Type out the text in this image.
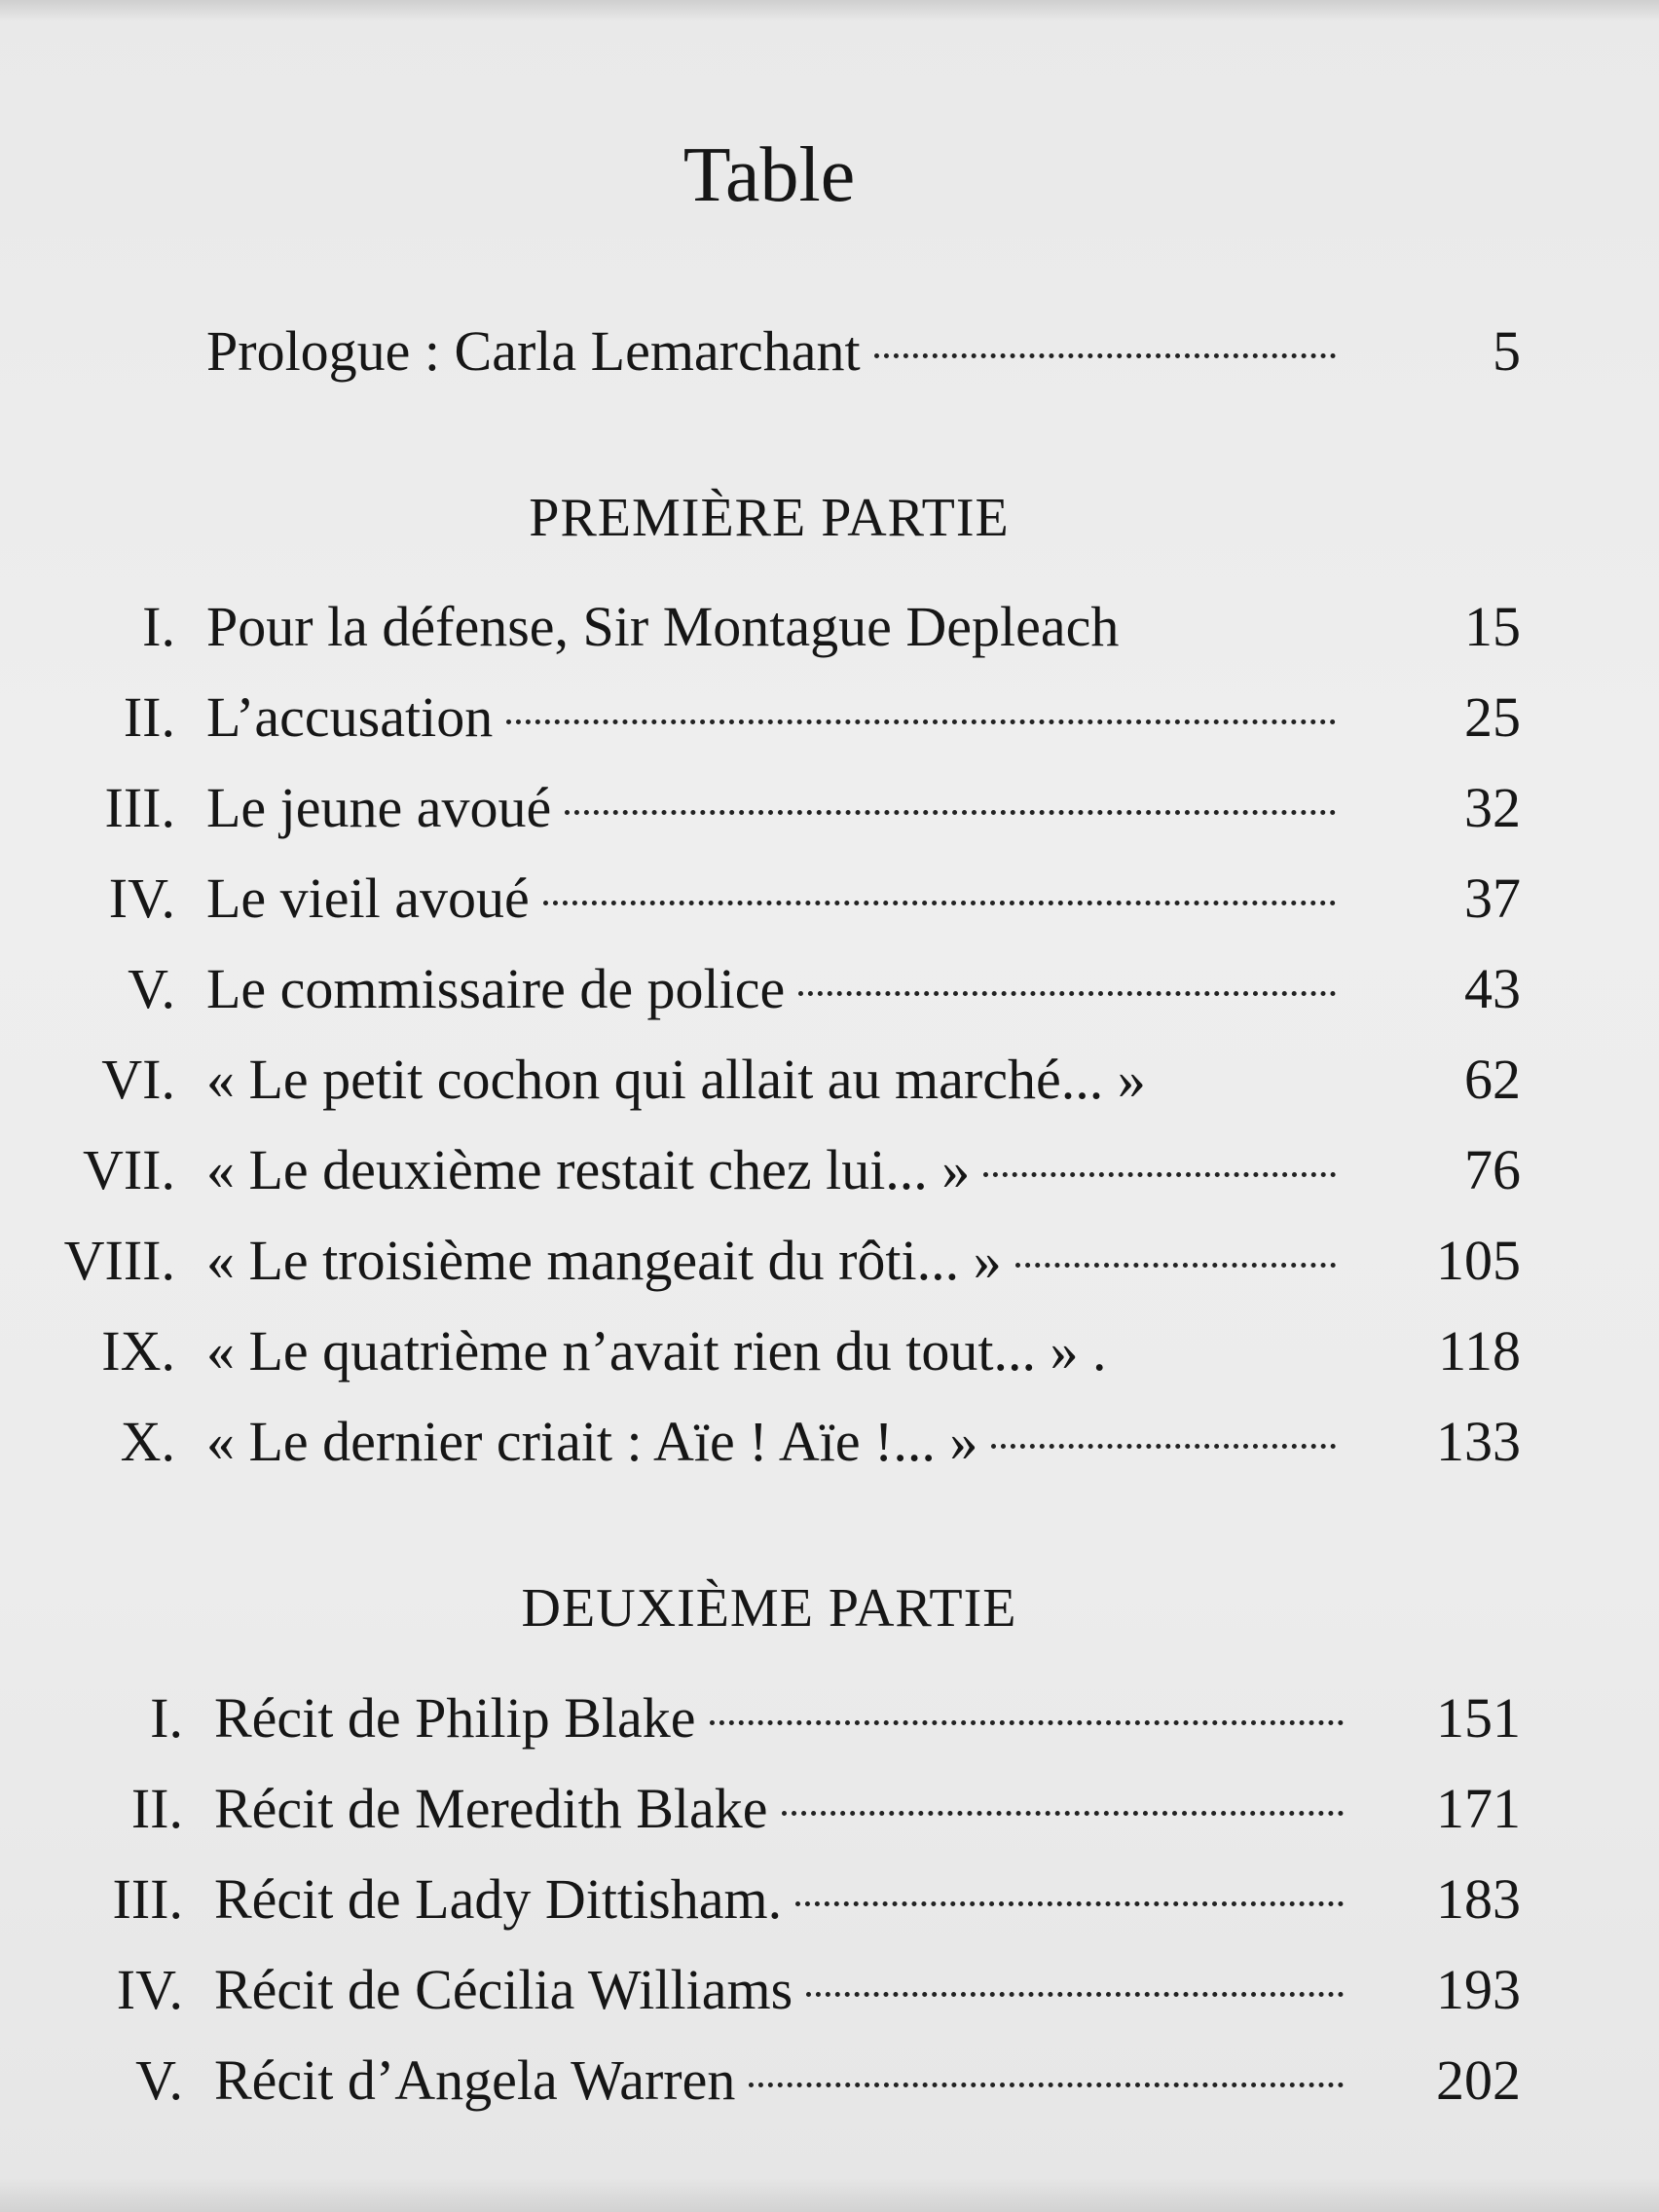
Table
Prologue : Carla Lemarchant	5
PREMIÈRE PARTIE
I. Pour la défense, Sir Montague Depleach	15
II. L’accusation	25
III. Le jeune avoué	32
IV. Le vieil avoué	37
V. Le commissaire de police	43
VI. « Le petit cochon qui allait au marché... »	62
VII. « Le deuxième restait chez lui... »	76
VIII. « Le troisième mangeait du rôti... »	105
IX. « Le quatrième n’avait rien du tout... » .	118
X. « Le dernier criait : Aïe ! Aïe !... »	133
DEUXIÈME PARTIE
I. Récit de Philip Blake	151
II. Récit de Meredith Blake	171
III. Récit de Lady Dittisham.	183
IV. Récit de Cécilia Williams	193
V. Récit d’Angela Warren	202
